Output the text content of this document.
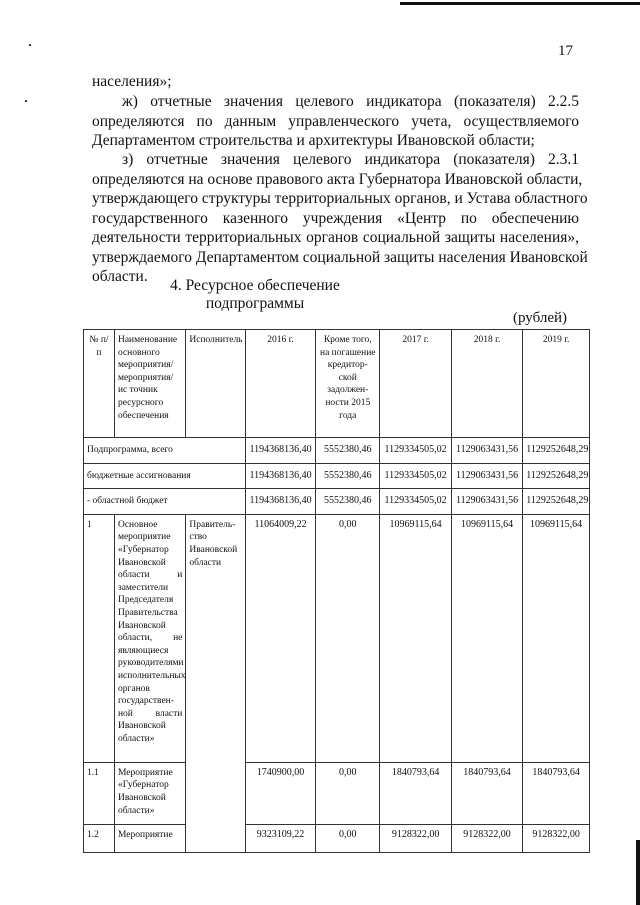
17
населения»;
ж) отчетные значения целевого индикатора (показателя) 2.2.5
определяются по данным управленческого учета, осуществляемого
Департаментом строительства и архитектуры Ивановской области;
з) отчетные значения целевого индикатора (показателя) 2.3.1
определяются на основе правового акта Губернатора Ивановской области,
утверждающего структуры территориальных органов, и Устава областного
государственного казенного учреждения «Центр по обеспечению
деятельности территориальных органов социальной защиты населения»,
утверждаемого Департаментом социальной защиты населения Ивановской
области.
4. Ресурсное обеспечение подпрограммы
(рублей)
№ п/п	Наименование основного мероприятия/ мероприятия/ис точник ресурсного обеспечения	Исполнитель	2016 г.	Кроме того, на погашение кредитор-ской задолжен-ности 2015 года	2017 г.	2018 г.	2019 г.
Подпрограмма, всего			1194368136,40	5552380,46	1129334505,02	1129063431,56	1129252648,29
бюджетные ассигнования			1194368136,40	5552380,46	1129334505,02	1129063431,56	1129252648,29
- областной бюджет			1194368136,40	5552380,46	1129334505,02	1129063431,56	1129252648,29
1	Основное мероприятие «Губернатор Ивановской области и заместители Председателя Правительства Ивановской области, не являющиеся руководителями исполнительных органов государствен-ной власти Ивановской области»	Правитель-ство Ивановской области	11064009,22	0,00	10969115,64	10969115,64	10969115,64
1.1	Мероприятие «Губернатор Ивановской области»		1740900,00	0,00	1840793,64	1840793,64	1840793,64
1.2	Мероприятие		9323109,22	0,00	9128322,00	9128322,00	9128322,00
